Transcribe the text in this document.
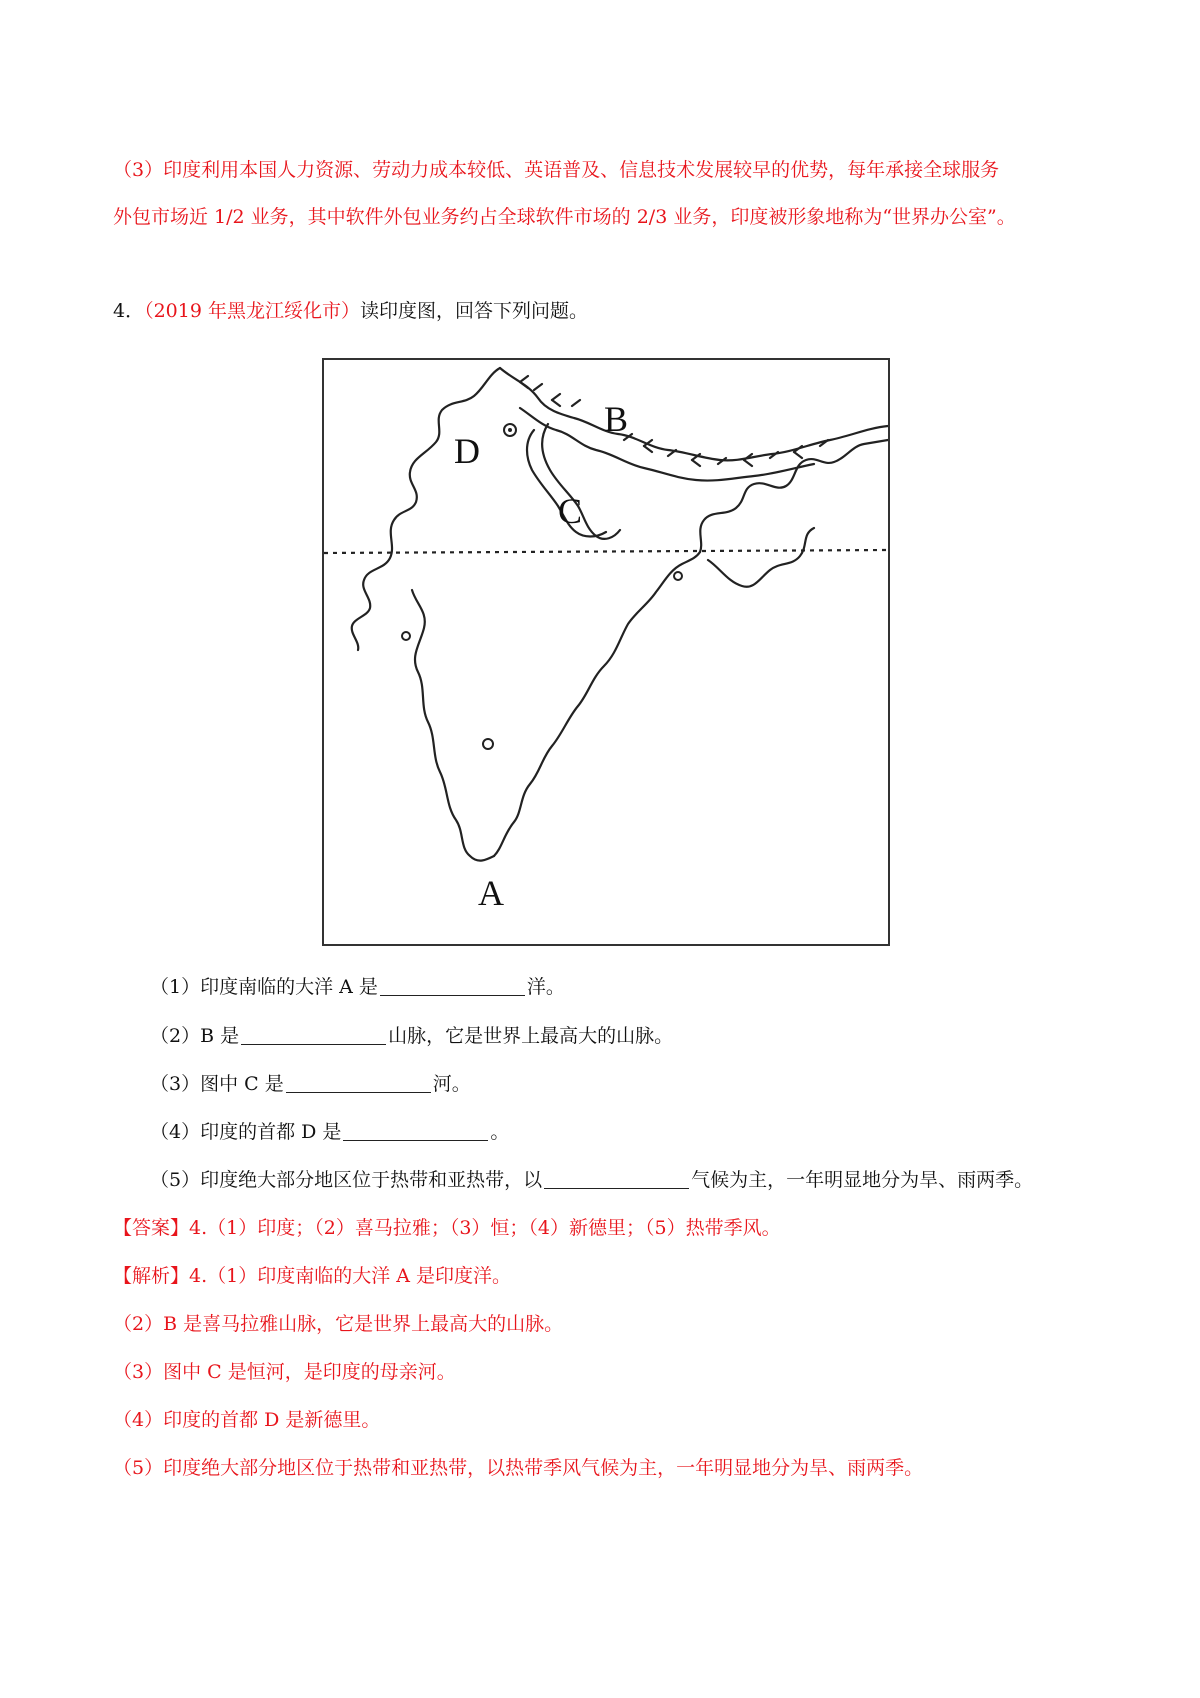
（3）印度利用本国人力资源、劳动力成本较低、英语普及、信息技术发展较早的优势，每年承接全球服务
外包市场近 1/2 业务，其中软件外包业务约占全球软件市场的 2/3 业务，印度被形象地称为“世界办公室”。
4．（2019 年黑龙江绥化市）读印度图，回答下列问题。
A
B
C
D
（1）印度南临的大洋 A 是	洋。
（2）B 是	山脉，它是世界上最高大的山脉。
（3）图中 C 是	河。
（4）印度的首都 D 是	。
（5）印度绝大部分地区位于热带和亚热带，以	气候为主，一年明显地分为旱、雨两季。
【答案】4.（1）印度；（2）喜马拉雅；（3）恒；（4）新德里；（5）热带季风。
【解析】4.（1）印度南临的大洋 A 是印度洋。
（2）B 是喜马拉雅山脉，它是世界上最高大的山脉。
（3）图中 C 是恒河，是印度的母亲河。
（4）印度的首都 D 是新德里。
（5）印度绝大部分地区位于热带和亚热带，以热带季风气候为主，一年明显地分为旱、雨两季。
